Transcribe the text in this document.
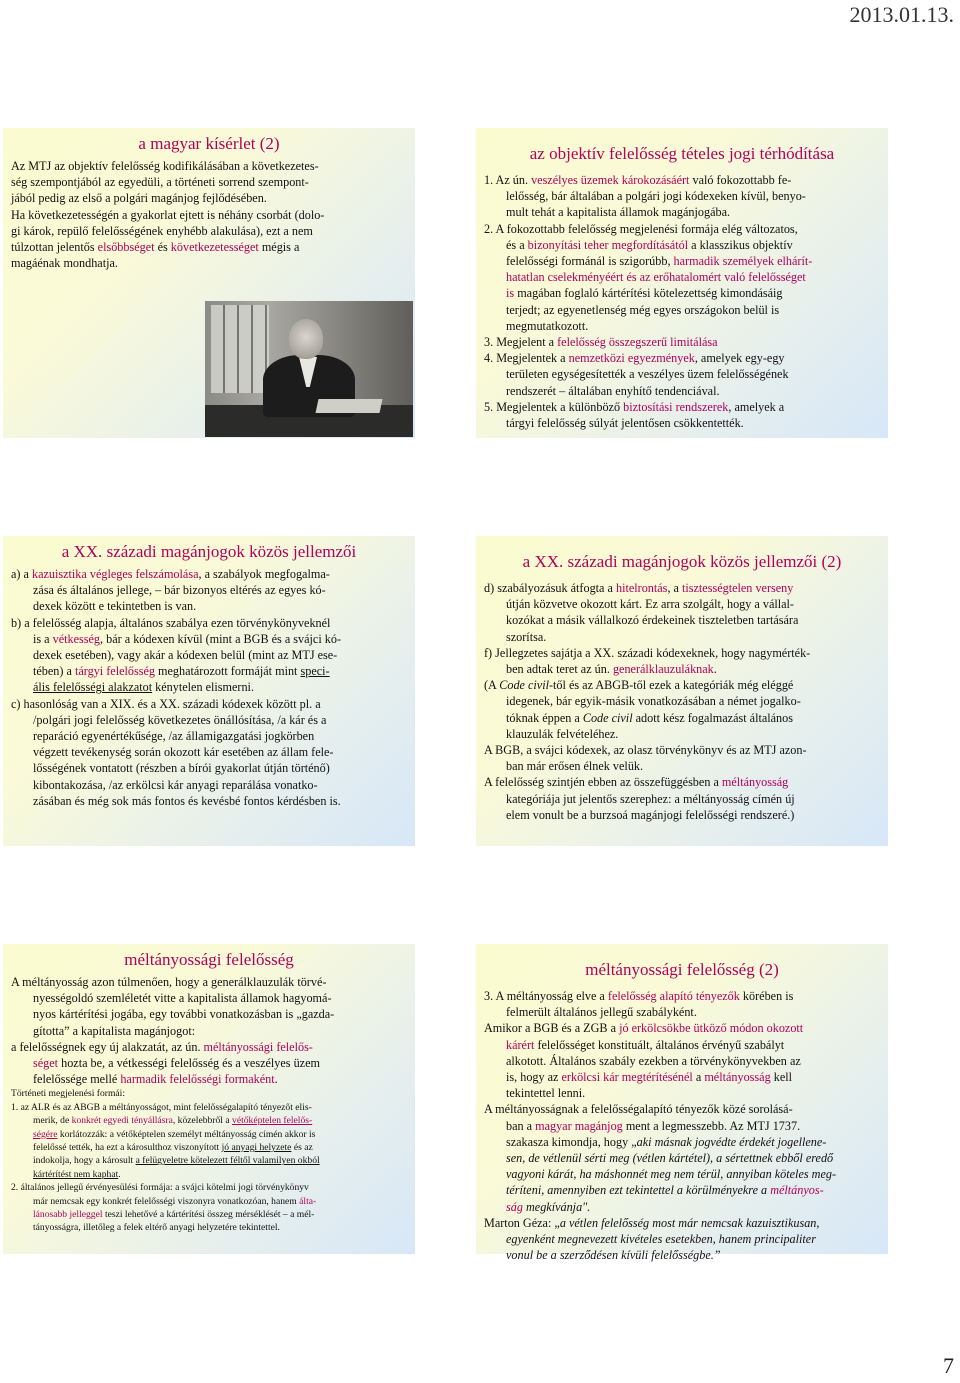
2013.01.13.
a magyar kísérlet (2)

Az MTJ az objektív felelősség kodifikálásában a következetes-

ség szempontjából az egyedüli, a történeti sorrend szempont-

jából pedig az első a polgári magánjog fejlődésében.

Ha következetességén a gyakorlat ejtett is néhány csorbát (dolo-

gi károk, repülő felelősségének enyhébb alakulása), ezt a nem

túlzottan jelentős elsőbbséget és következetességet mégis a

magáénak mondhatja.

az objektív felelősség tételes jogi térhódítása

1. Az ún. veszélyes üzemek károkozásáért való fokozottabb fe-
lelősség, bár általában a polgári jogi kódexeken kívül, benyo-
mult tehát a kapitalista államok magánjogába.

2. A fokozottabb felelősség megjelenési formája elég változatos,
és a bizonyítási teher megfordításától a klasszikus objektív
felelősségi formánál is szigorúbb, harmadik személyek elhárít-
hatatlan cselekményéért és az erőhatalomért való felelősséget
is magában foglaló kártérítési kötelezettség kimondásáig
terjedt; az egyenetlenség még egyes országokon belül is
megmutatkozott.

3. Megjelent a felelősség összegszerű limitálása

4. Megjelentek a nemzetközi egyezmények, amelyek egy-egy
területen egységesítették a veszélyes üzem felelősségének
rendszerét – általában enyhítő tendenciával.

5. Megjelentek a különböző biztosítási rendszerek, amelyek a
tárgyi felelősség súlyát jelentősen csökkentették.

a XX. századi magánjogok közös jellemzői

a) a kazuisztika végleges felszámolása, a szabályok megfogalma-
zása és általános jellege, – bár bizonyos eltérés az egyes kó-
dexek között e tekintetben is van.

b) a felelősség alapja, általános szabálya ezen törvénykönyveknél
is a vétkesség, bár a kódexen kívül (mint a BGB és a svájci kó-
dexek esetében), vagy akár a kódexen belül (mint az MTJ ese-
tében) a tárgyi felelősség meghatározott formáját mint speci-
ális felelősségi alakzatot kénytelen elismerni.

c) hasonlóság van a XIX. és a XX. századi kódexek között pl. a
/polgári jogi felelősség következetes önállósítása, /a kár és a
reparáció egyenértékűsége, /az államigazgatási jogkörben
végzett tevékenység során okozott kár esetében az állam fele-
lősségének vontatott (részben a bírói gyakorlat útján történő)
kibontakozása, /az erkölcsi kár anyagi reparálása vonatko-
zásában és még sok más fontos és kevésbé fontos kérdésben is.

a XX. századi magánjogok közös jellemzői (2)

d) szabályozásuk átfogta a hitelrontás, a tisztességtelen verseny
útján közvetve okozott kárt. Ez arra szolgált, hogy a vállal-
kozókat a másik vállalkozó érdekeinek tiszteletben tartására
szorítsa.

f) Jellegzetes sajátja a XX. századi kódexeknek, hogy nagymérték-
ben adtak teret az ún. generálklauzuláknak.

(A Code civil-től és az ABGB-től ezek a kategóriák még eléggé
idegenek, bár egyik-másik vonatkozásában a német jogalko-
tóknak éppen a Code civil adott kész fogalmazást általános
klauzulák felvételéhez.

A BGB, a svájci kódexek, az olasz törvénykönyv és az MTJ azon-
ban már erősen élnek velük.

A felelősség szintjén ebben az összefüggésben a méltányosság
kategóriája jut jelentős szerephez: a méltányosság címén új
elem vonult be a burzsoá magánjogi felelősségi rendszeré.)

méltányossági felelősség

A méltányosság azon túlmenően, hogy a generálklauzulák törvé-
nyességoldó szemléletét vitte a kapitalista államok hagyomá-
nyos kártérítési jogába, egy további vonatkozásban is „gazda-
gította” a kapitalista magánjogot:

a felelősségnek egy új alakzatát, az ún. méltányossági felelős-
séget hozta be, a vétkességi felelősség és a veszélyes üzem
felelőssége mellé harmadik felelősségi formaként.

Történeti megjelenési formái:

1. az ALR és az ABGB a méltányosságot, mint felelősségalapító tényezőt elis-
merik, de konkrét egyedi tényállásra, közelebbről a vétőképtelen felelős-
ségére korlátozzák: a vétőképtelen személyt méltányosság címén akkor is
felelőssé tették, ha ezt a károsulthoz viszonyított jó anyagi helyzete és az
indokolja, hogy a károsult a felügyeletre kötelezett féltől valamilyen okból
kártérítést nem kaphat.

2. általános jellegű érvényesülési formája: a svájci kötelmi jogi törvénykönyv
már nemcsak egy konkrét felelősségi viszonyra vonatkozóan, hanem álta-
lánosabb jelleggel teszi lehetővé a kártérítési összeg mérséklését – a mél-
tányosságra, illetőleg a felek eltérő anyagi helyzetére tekintettel.

méltányossági felelősség (2)

3. A méltányosság elve a felelősség alapító tényezők körében is
felmerült általános jellegű szabályként.

Amikor a BGB és a ZGB a jó erkölcsökbe ütköző módon okozott
kárért felelősséget konstituált, általános érvényű szabályt
alkotott. Általános szabály ezekben a törvénykönyvekben az
is, hogy az erkölcsi kár megtérítésénél a méltányosság kell
tekintettel lenni.

A méltányosságnak a felelősségalapító tényezők közé sorolásá-
ban a magyar magánjog ment a legmesszebb. Az MTJ 1737.
szakasza kimondja, hogy „aki másnak jogvédte érdekét jogellene-
sen, de vétlenül sérti meg (vétlen kártétel), a sértettnek ebből eredő
vagyoni kárát, ha máshonnét meg nem térül, annyiban köteles meg-
téríteni, amennyiben ezt tekintettel a körülményekre a méltányos-
ság megkívánja".

Marton Géza: „a vétlen felelősség most már nemcsak kazuisztikusan,
egyenként megnevezett kivételes esetekben, hanem principaliter
vonul be a szerződésen kívüli felelősségbe.”

7
